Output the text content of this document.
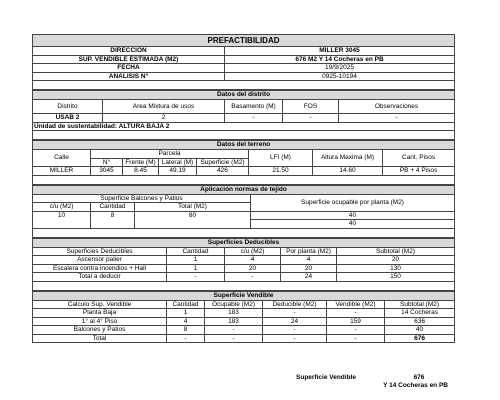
PREFACTIBILIDAD	
DIRECCION	MILLER 3045
SUP. VENDIBLE ESTIMADA (M2)	676 M2 Y 14 Cocheras en PB
FECHA	19/9/2025
ANALISIS N°	0925-10194

Datos del distrito				
Distrito	Area Mixtura de usos	Basamento (M)	FOS	Observaciones
USAB 2	2	-	-	-
Unidad de sustentabilidad: ALTURA BAJA 2				

Datos del terreno							
Calle	Parcela				LFI (M)	Altura Maxima (M)	Cant. Pisos
	N°	Frente (M)	Lateral (M)	Superficie (M2)			
MILLER	3045	8.45	49.19	426	21.50	14.60	PB + 4 Pisos

Aplicación normas de tejido			
Superficie Balcones y Patios			Superficie ocupable por planta (M2)
c/u (M2)	Cantidad	Total (M2)	
10	8	80	40
			40

Superficies Deducibles				
Superficies Deducibles	Cantidad	c/u (M2)	Por planta (M2)	Subtotal (M2)
Ascensor palier	1	4	4	20
Escalera contra incendios + Hall	1	20	20	130
Total a deducir	-	-	24	150

Superficie Vendible					
Calculo Sup. Vendible	Cantidad	Ocupable (M2)	Deducible (M2)	Vendible (M2)	Subtotal (M2)
Planta Baja	1	183	-	-	14 Cocheras
1° al 4° Piso	4	183	24	159	636
Balcones y Patios	8	-	-	-	40
Total	-	-	-	-	676
	Superficie Vendible	676
	Y 14 Cocheras en PB	
